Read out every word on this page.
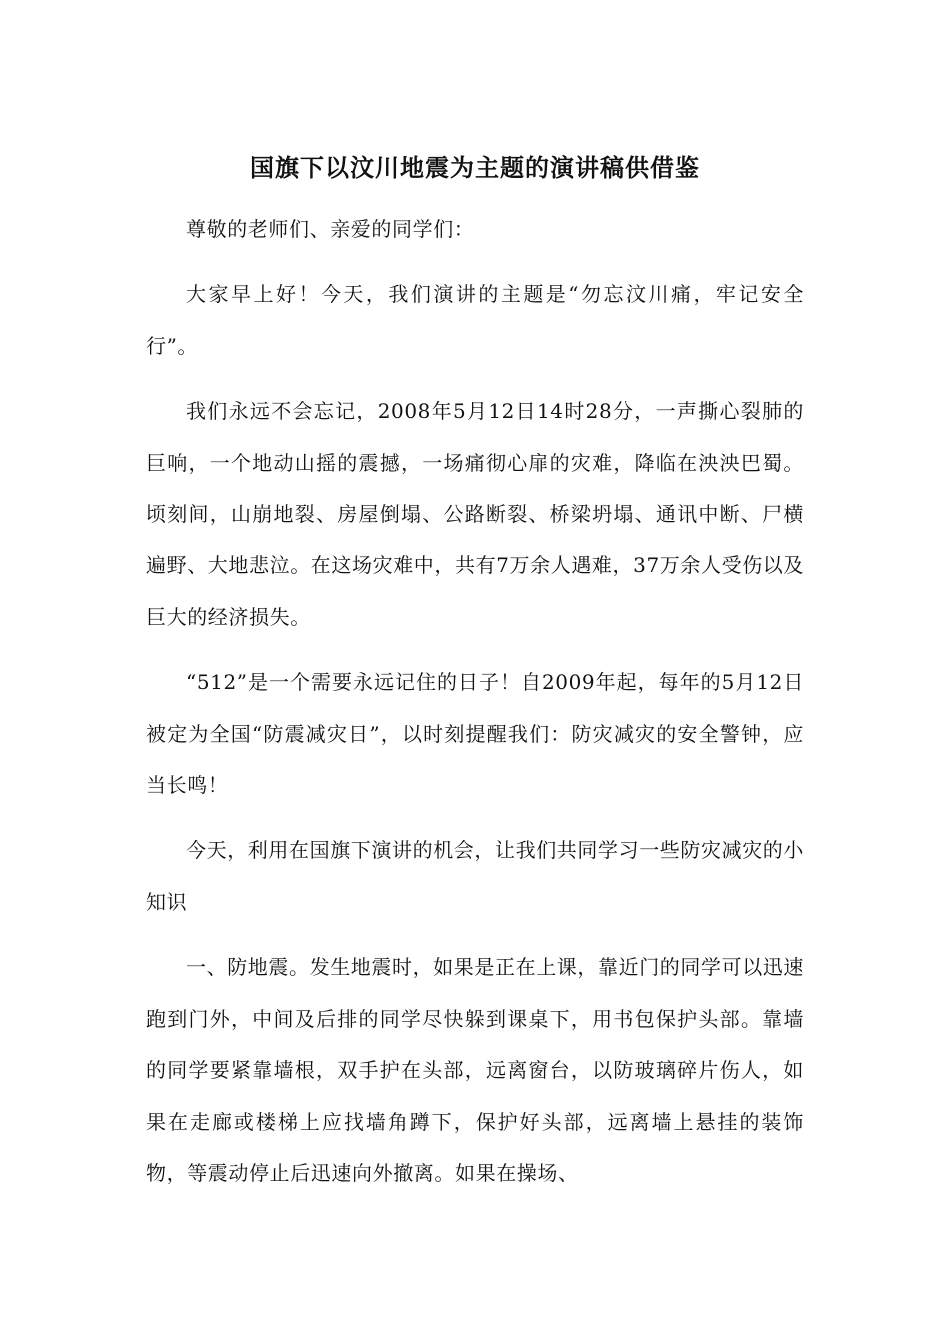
国旗下以汶川地震为主题的演讲稿供借鉴

尊敬的老师们、亲爱的同学们：

大家早上好！今天，我们演讲的主题是“勿忘汶川痛，牢记安全行”。

我们永远不会忘记，2008年5月12日14时28分，一声撕心裂肺的巨响，一个地动山摇的震撼，一场痛彻心扉的灾难，降临在泱泱巴蜀。顷刻间，山崩地裂、房屋倒塌、公路断裂、桥梁坍塌、通讯中断、尸横遍野、大地悲泣。在这场灾难中，共有7万余人遇难，37万余人受伤以及巨大的经济损失。

“512”是一个需要永远记住的日子！自2009年起，每年的5月12日被定为全国“防震减灾日”，以时刻提醒我们：防灾减灾的安全警钟，应当长鸣！

今天，利用在国旗下演讲的机会，让我们共同学习一些防灾减灾的小知识

一、防地震。发生地震时，如果是正在上课，靠近门的同学可以迅速跑到门外，中间及后排的同学尽快躲到课桌下，用书包保护头部。靠墙的同学要紧靠墙根，双手护在头部，远离窗台，以防玻璃碎片伤人，如果在走廊或楼梯上应找墙角蹲下，保护好头部，远离墙上悬挂的装饰物，等震动停止后迅速向外撤离。如果在操场、
